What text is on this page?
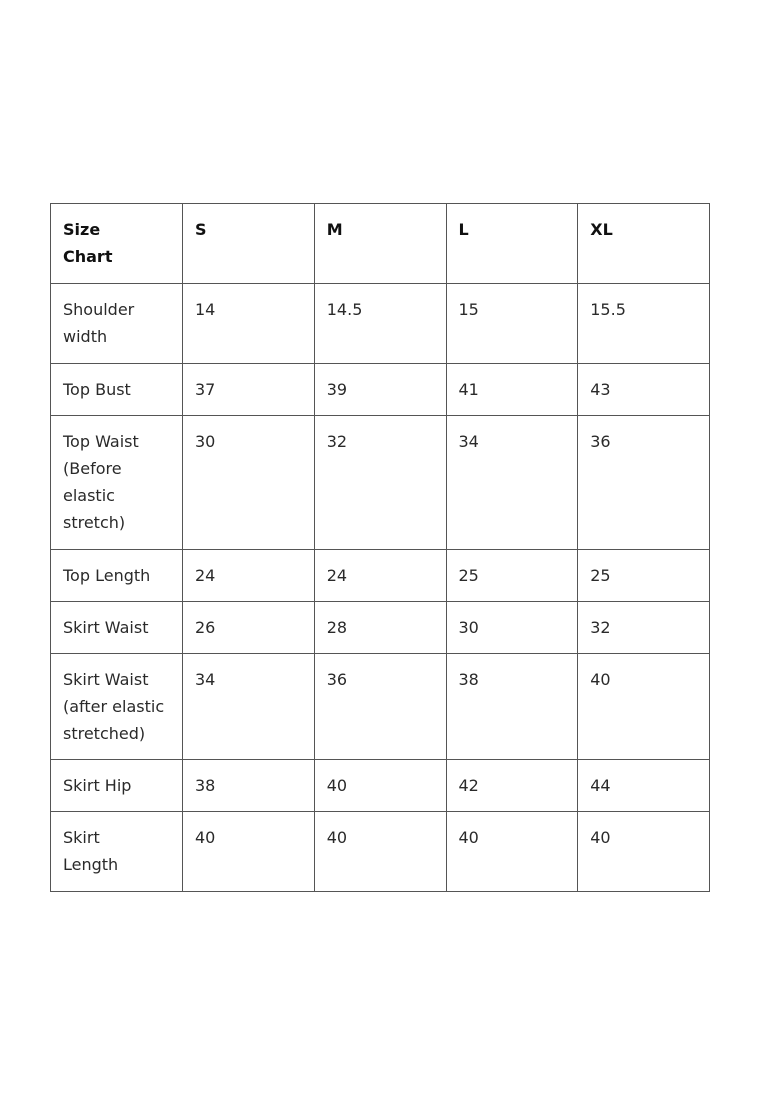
Size
Chart	S	M	L	XL
Shoulder
width	14	14.5	15	15.5
Top Bust	37	39	41	43
Top Waist
(Before
elastic
stretch)	30	32	34	36
Top Length	24	24	25	25
Skirt Waist	26	28	30	32
Skirt Waist
(after elastic
stretched)	34	36	38	40
Skirt Hip	38	40	42	44
Skirt
Length	40	40	40	40
